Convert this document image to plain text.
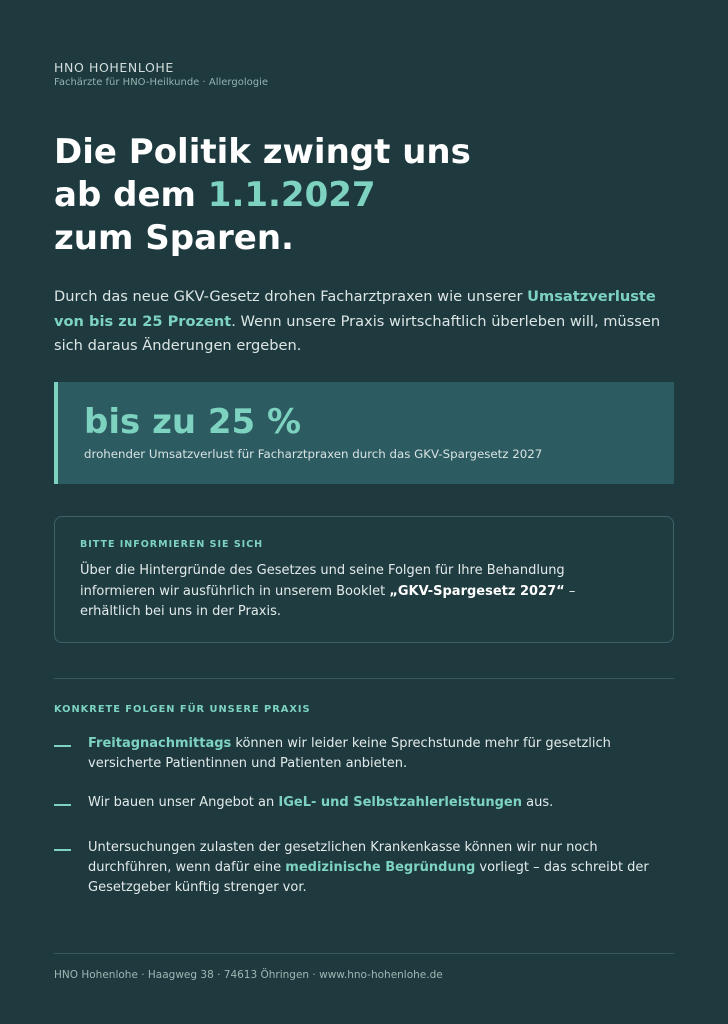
HNO HOHENLOHE
Fachärzte für HNO-Heilkunde · Allergologie
Die Politik zwingt uns
ab dem 1.1.2027
zum Sparen.

Durch das neue GKV-Gesetz drohen Facharztpraxen wie unserer Umsatzverluste von bis zu 25 Prozent. Wenn unsere Praxis wirtschaftlich überleben will, müssen sich daraus Änderungen ergeben.

bis zu 25 %
drohender Umsatzverlust für Facharztpraxen durch das GKV-Spargesetz 2027
BITTE INFORMIEREN SIE SICH

Über die Hintergründe des Gesetzes und seine Folgen für Ihre Behandlung informieren wir ausführlich in unserem Booklet „GKV-Spargesetz 2027“ – erhältlich bei uns in der Praxis.

KONKRETE FOLGEN FÜR UNSERE PRAXIS

Freitagnachmittags können wir leider keine Sprechstunde mehr für gesetzlich versicherte Patientinnen und Patienten anbieten.

Wir bauen unser Angebot an IGeL- und Selbstzahlerleistungen aus.

Untersuchungen zulasten der gesetzlichen Krankenkasse können wir nur noch durchführen, wenn dafür eine medizinische Begründung vorliegt – das schreibt der Gesetzgeber künftig strenger vor.

HNO Hohenlohe · Haagweg 38 · 74613 Öhringen · www.hno-hohenlohe.de
